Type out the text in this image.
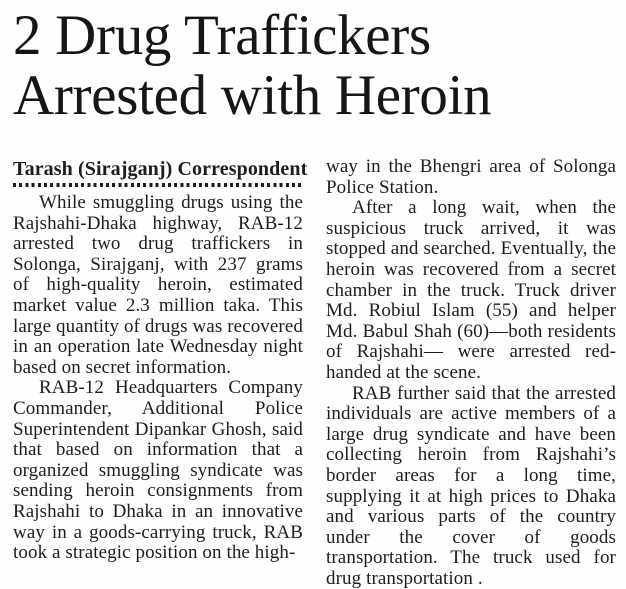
2 Drug Traffickers Arrested with Heroin
Tarash (Sirajganj) Correspondent

While smuggling drugs using the Rajshahi-Dhaka highway, RAB-12 arrested two drug traffickers in Solonga, Sirajganj, with 237 grams of high-quality heroin, estimated market value 2.3 million taka. This large quantity of drugs was recovered in an operation late Wednesday night based on secret information.

RAB-12 Headquarters Company Commander, Additional Police Superintendent Dipankar Ghosh, said that based on information that a organized smuggling syndicate was sending heroin consignments from Rajshahi to Dhaka in an innovative way in a goods-carrying truck, RAB took a strategic position on the high-

way in the Bhengri area of Solonga Police Station.

After a long wait, when the suspicious truck arrived, it was stopped and searched. Eventually, the heroin was recovered from a secret chamber in the truck. Truck driver Md. Robiul Islam (55) and helper Md. Babul Shah (60)—both residents of Rajshahi— were arrested red-handed at the scene.

RAB further said that the arrested individuals are active members of a large drug syndicate and have been collecting heroin from Rajshahi’s border areas for a long time, supplying it at high prices to Dhaka and various parts of the country under the cover of goods transportation. The truck used for drug transportation .
